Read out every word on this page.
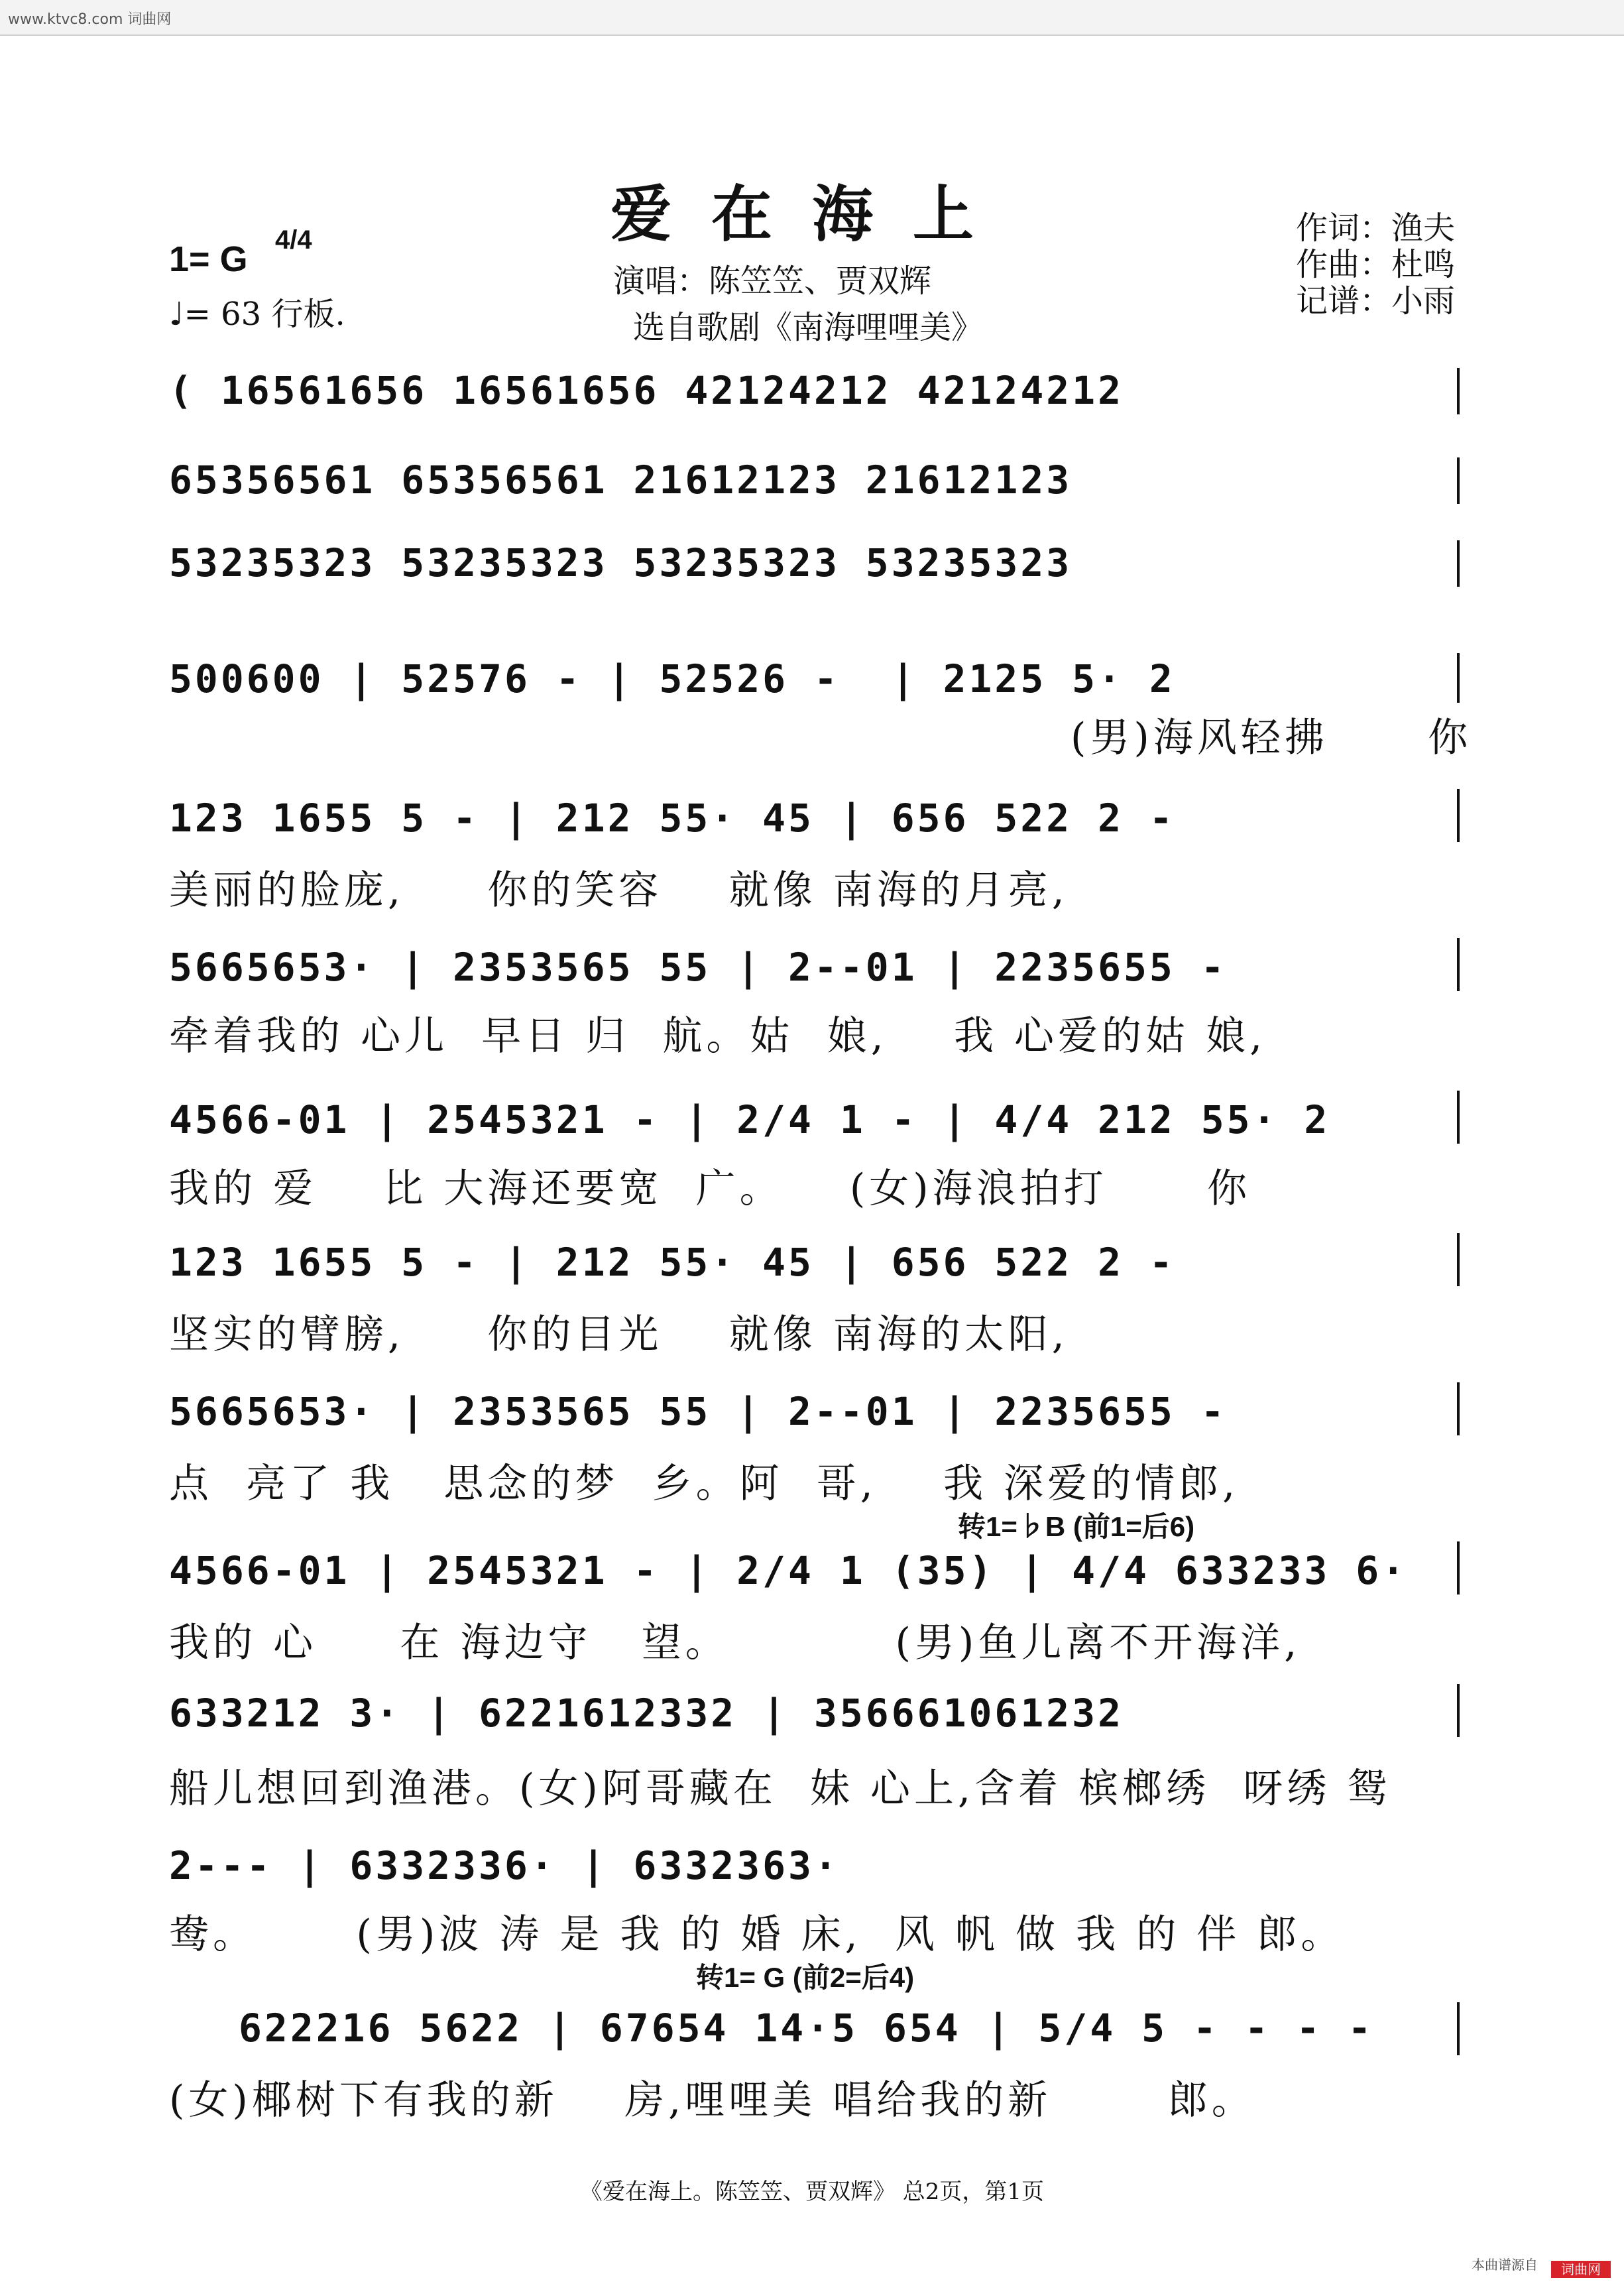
www.ktvc8.com 词曲网
爱在海上
1= G 4/4
♩= 63 行板.
演唱：陈笠笠、贾双辉
选自歌剧《南海哩哩美》
作词：渔夫
作曲：杜鸣
记谱：小雨
( 16561656 16561656 42124212 42124212
65356561 65356561 21612123 21612123
53235323 53235323 53235323 53235323
500600 | 52576 - | 52526 -  | 2125 5· 2
(男)海风轻拂      你
123 1655 5 - | 212 55· 45 | 656 522 2 -
美丽的脸庞,     你的笑容    就像 南海的月亮,
5665653· | 2353565 55 | 2--01 | 2235655 -
牵着我的 心儿  早日 归  航。姑  娘,    我 心爱的姑 娘,
4566-01 | 2545321 - | 2/4 1 - | 4/4 212 55· 2
我的 爱    比 大海还要宽  广。    (女)海浪拍打      你
123 1655 5 - | 212 55· 45 | 656 522 2 -
坚实的臂膀,     你的目光    就像 南海的太阳,
5665653· | 2353565 55 | 2--01 | 2235655 -
点  亮了 我   思念的梦  乡。阿  哥,    我 深爱的情郎,
转1=♭B (前1=后6)
4566-01 | 2545321 - | 2/4 1 (35) | 4/4 633233 6·
我的 心     在 海边守   望。          (男)鱼儿离不开海洋,
633212 3· | 6221612332 | 356661061232
船儿想回到渔港。(女)阿哥藏在  妹 心上,含着 槟榔绣  呀绣 鸳
2--- | 6332336· | 6332363·
鸯。      (男)波 涛 是 我 的 婚 床,  风 帆 做 我 的 伴 郎。
转1= G (前2=后4)
622216 5622 | 67654 14·5 654 | 5/4 5 - - - -
(女)椰树下有我的新    房,哩哩美 唱给我的新       郎。
《爱在海上。陈笠笠、贾双辉》 总2页，第1页
本曲谱源自	词曲网
